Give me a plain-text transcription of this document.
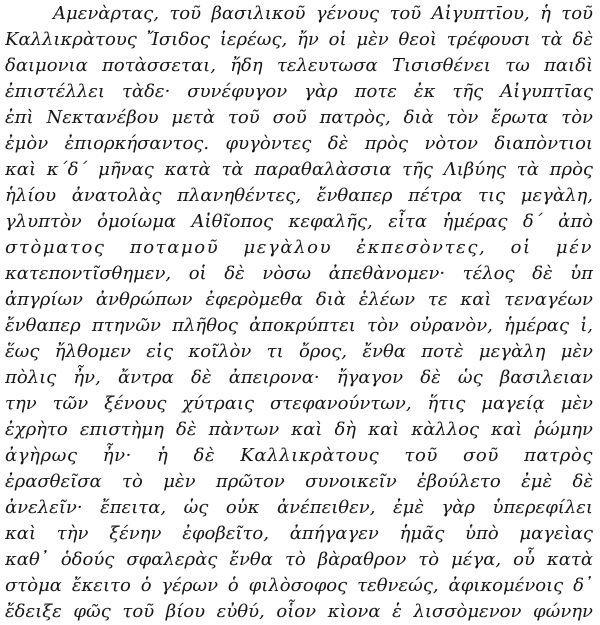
Αμενὰρτας, τοῦ βασιλικοῦ γένους τοῦ Αἰγυπτῑου, ἡ τοῦ
Καλλικρὰτους Ἴσιδος ἱερέως, ἤν οἱ μὲν θεοὶ τρέφουσι τὰ δὲ
δαιμονια ποτὰσσεται, ἤδη τελευτωσα Τισισθένει τω παιδὶ
ἐπιστέλλει τὰδε· συνέφυγον γὰρ ποτε ἐκ τῆς Αἰγυπτῑας
ἐπὶ Νεκτανέβου μετὰ τοῦ σοῦ πατρὸς, διὰ τὸν ἔρωτα τὸν
ἐμὸν ἐπιορκήσαντος. φυγὸντες δὲ πρὸς νὸτον διαπὸντιοι
καὶ κ´δ´ μῆνας κατὰ τὰ παραθαλὰσσια τῆς Λιβύης τὰ πρὸς
ἡλίου ἀνατολὰς πλανηθέντες, ἔνθαπερ πέτρα τις μεγὰλη,
γλυπτὸν ὁμοίωμα Αἰθῖοπος κεφαλῆς, εἶτα ἡμέρας δ´ ἀπὸ
στὸματος ποταμοῦ μεγὰλου ἐκπεσὸντες, οἱ μέν
κατεποντῖσθημεν, οἱ δὲ νὸσω ἀπεθὰνομεν· τέλος δὲ ὑπ
ἀπγρίων ἀνθρώπων ἐφερὸμεθα διὰ ἑλέων τε καὶ τεναγέων
ἔνθαπερ πτηνῶν πλῆθος ἀποκρύπτει τὸν οὐρανὸν, ἡμέρας ἰ,
ἕως ἤλθομεν εἰς κοῖλὸν τι ὄρος, ἔνθα ποτὲ μεγὰλη μὲν
πὸλις ἦν, ἄντρα δὲ ἀπειρονα· ἤγαγον δὲ ὡς βασιλειαν
την τῶν ξένους χύτραις στεφανούντων, ἥτις μαγείᾳ μὲν
ἐχρὴτο επιστὴμη δὲ πὰντων καὶ δὴ καὶ κὰλλος καὶ ῥώμην
ἀγὴρως ἦν· ἡ δὲ Καλλικρὰτους τοῦ σοῦ πατρὸς
ἐρασθεῖσα τὸ μὲν πρῶτον συνοικεῖν ἐβούλετο ἐμὲ δὲ
ἀνελεῖν· ἔπειτα, ὡς οὐκ ἀνέπειθεν, ἐμὲ γὰρ ὑπερεφίλει
καὶ τὴν ξένην ἐφοβεῖτο, ἀπήγαγεν ἡμᾶς ὑπὸ μαγεὶας
καθ᾽ ὁδούς σφαλερὰς ἔνθα τὸ βὰραθρον τὸ μέγα, οὗ κατὰ
στὸμα ἔκειτο ὁ γέρων ὁ φιλὸσοφος τεθνεώς, ἀφικομένοις δ᾽
ἔδειξε φῶς τοῦ βίου εὐθύ, οἷον κὶονα ἑ λισσὸμενον φώνην
